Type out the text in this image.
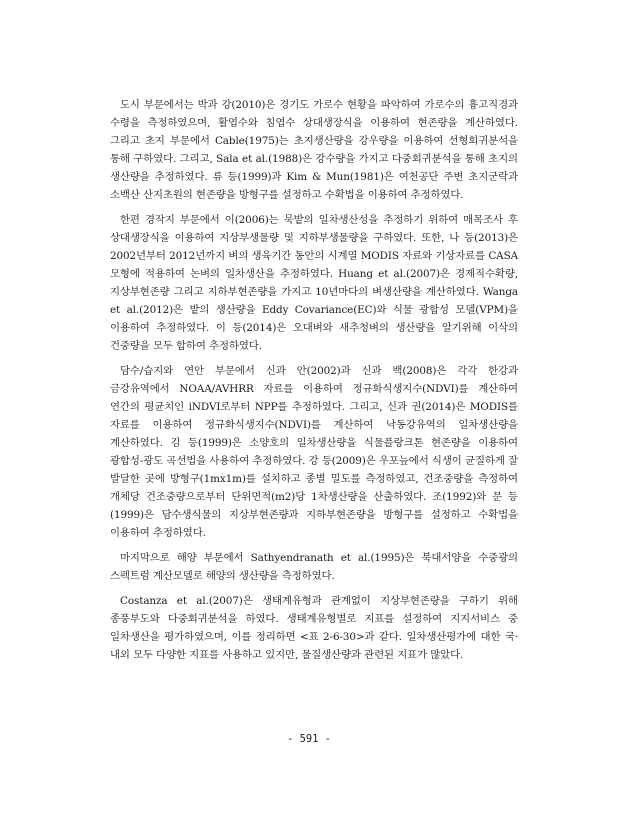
도시 부문에서는 박과 강(2010)은 경기도 가로수 현황을 파악하여 가로수의 흉고직경과 수령을 측정하였으며, 활엽수와 침엽수 상대생장식을 이용하여 현존량을 계산하였다. 그리고 초지 부문에서 Cable(1975)는 초지생산량을 강우량을 이용하여 선형회귀분석을 통해 구하였다. 그리고, Sala et al.(1988)은 강수량을 가지고 다중회귀분석을 통해 초지의 생산량을 추정하였다. 류 등(1999)과 Kim & Mun(1981)은 여천공단 주변 초지군락과 소백산 산지초원의 현존량을 방형구를 설정하고 수확법을 이용하여 추정하였다.

한편 경작지 부문에서 이(2006)는 묵밭의 일차생산성을 추정하기 위하여 매목조사 후 상대생장식을 이용하여 지상부생물량 및 지하부생물량을 구하였다. 또한, 나 등(2013)은 2002년부터 2012년까지 벼의 생육기간 동안의 시계열 MODIS 자료와 기상자료를 CASA 모형에 적용하여 논벼의 일차생산을 추정하였다. Huang et al.(2007)은 경제직수확량, 지상부현존량 그리고 지하부현존량을 가지고 10년마다의 벼생산량을 계산하였다. Wanga et al.(2012)은 밭의 생산량을 Eddy Covariance(EC)와 식물 광합성 모델(VPM)을 이용하여 추정하였다. 이 등(2014)은 오대벼와 새추청벼의 생산량을 알기위해 이삭의 건중량을 모두 합하여 추정하였다.

담수/습지와 연안 부문에서 신과 안(2002)과 신과 백(2008)은 각각 한강과 금강유역에서 NOAA/AVHRR 자료를 이용하여 정규화식생지수(NDVI)를 계산하여 연간의 평균치인 iNDVI로부터 NPP를 추정하였다. 그리고, 신과 권(2014)은 MODIS를 자료를 이용하여 정규화식생지수(NDVI)를 계산하여 낙동강유역의 일차생산량을 계산하였다. 김 등(1999)은 소양호의 일차생산량을 식물플랑크톤 현존량을 이용하여 광합성-광도 곡선법을 사용하여 추정하였다. 강 등(2009)은 우포늪에서 식생이 균질하게 잘 발달한 곳에 방형구(1mx1m)를 설치하고 종별 밀도를 측정하였고, 건조중량을 측정하여 개체당 건조중량으로부터 단위면적(m2)당 1차생산량을 산출하였다. 조(1992)와 문 등(1999)은 담수생식물의 지상부현존량과 지하부현존량을 방형구를 설정하고 수확법을 이용하여 추정하였다.

마지막으로 해양 부문에서 Sathyendranath et al.(1995)은 북대서양을 수중광의 스펙트럼 계산모델로 해양의 생산량을 측정하였다.

Costanza et al.(2007)은 생태계유형과 관계없이 지상부현존량을 구하기 위해 종풍부도와 다중회귀분석을 하였다. 생태계유형별로 지표를 설정하여 지지서비스 중 일차생산을 평가하였으며, 이를 정리하면 <표 2-6-30>과 같다. 일차생산평가에 대한 국·내외 모두 다양한 지표를 사용하고 있지만, 물질생산량과 관련된 지표가 많았다.

- 591 -
